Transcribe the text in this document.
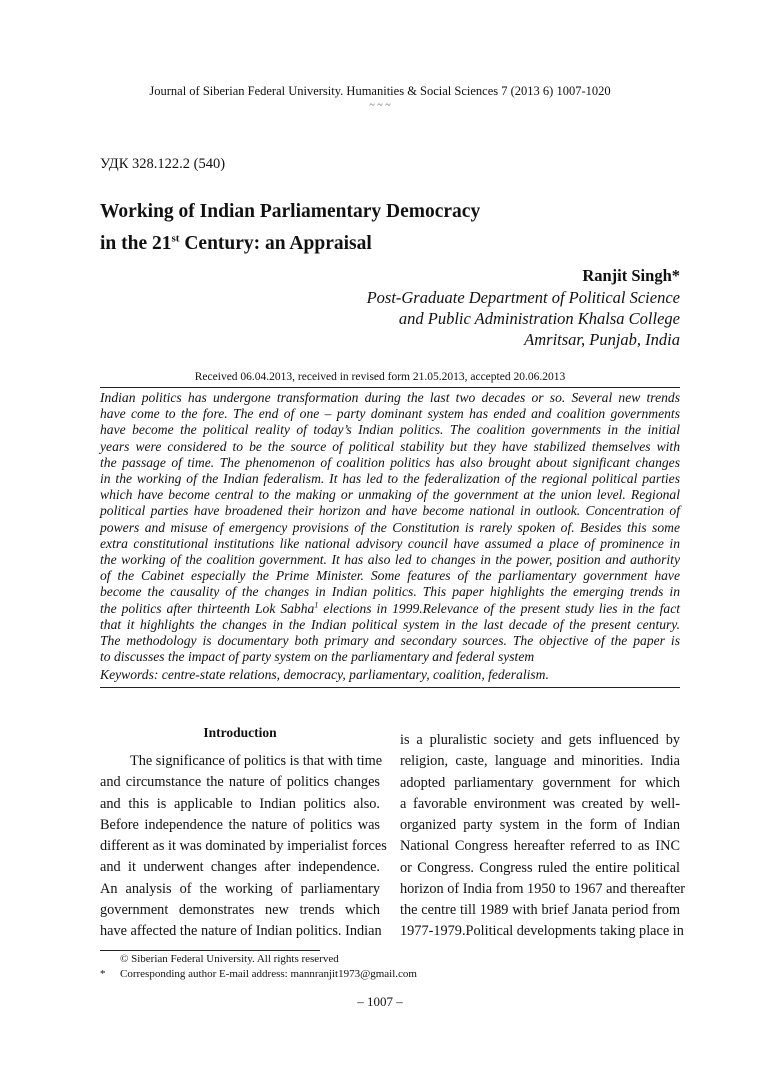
Journal of Siberian Federal University. Humanities & Social Sciences 7 (2013 6) 1007-1020
~ ~ ~
УДК 328.122.2 (540)
Working of Indian Parliamentary Democracy
in the 21st Century: an Appraisal
Ranjit Singh*
Post-Graduate Department of Political Science
and Public Administration Khalsa College
Amritsar, Punjab, India
Received 06.04.2013, received in revised form 21.05.2013, accepted 20.06.2013
Indian politics has undergone transformation during the last two decades or so. Several new trends
have come to the fore. The end of one – party dominant system has ended and coalition governments
have become the political reality of today’s Indian politics. The coalition governments in the initial
years were considered to be the source of political stability but they have stabilized themselves with
the passage of time. The phenomenon of coalition politics has also brought about significant changes
in the working of the Indian federalism. It has led to the federalization of the regional political parties
which have become central to the making or unmaking of the government at the union level. Regional
political parties have broadened their horizon and have become national in outlook. Concentration of
powers and misuse of emergency provisions of the Constitution is rarely spoken of. Besides this some
extra constitutional institutions like national advisory council have assumed a place of prominence in
the working of the coalition government. It has also led to changes in the power, position and authority
of the Cabinet especially the Prime Minister. Some features of the parliamentary government have
become the causality of the changes in Indian politics. This paper highlights the emerging trends in
the politics after thirteenth Lok Sabha$^1$ elections in 1999.Relevance of the present study lies in the fact
that it highlights the changes in the Indian political system in the last decade of the present century.
The methodology is documentary both primary and secondary sources. The objective of the paper is
to discusses the impact of party system on the parliamentary and federal system
Keywords: centre-state relations, democracy, parliamentary, coalition, federalism.
Introduction
The significance of politics is that with time
and circumstance the nature of politics changes
and this is applicable to Indian politics also.
Before independence the nature of politics was
different as it was dominated by imperialist forces
and it underwent changes after independence.
An analysis of the working of parliamentary
government demonstrates new trends which
have affected the nature of Indian politics. Indian
is a pluralistic society and gets influenced by
religion, caste, language and minorities. India
adopted parliamentary government for which
a favorable environment was created by well-
organized party system in the form of Indian
National Congress hereafter referred to as INC
or Congress. Congress ruled the entire political
horizon of India from 1950 to 1967 and thereafter
the centre till 1989 with brief Janata period from
1977-1979.Political developments taking place in
© Siberian Federal University. All rights reserved
* Corresponding author E-mail address: mannranjit1973@gmail.com
– 1007 –
